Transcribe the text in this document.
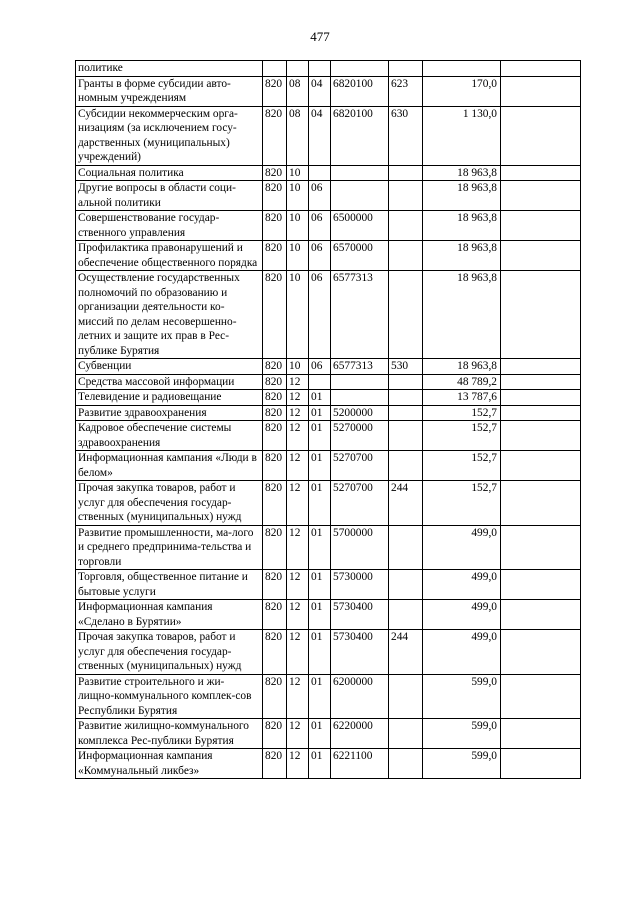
477
политике							
Гранты в форме субсидии авто-номным учреждениям	820	08	04	6820100	623	170,0	
Субсидии некоммерческим орга-низациям (за исключением госу-дарственных (муниципальных) учреждений)	820	08	04	6820100	630	1 130,0	
Социальная политика	820	10				18 963,8	
Другие вопросы в области соци-альной политики	820	10	06			18 963,8	
Совершенствование государ-ственного управления	820	10	06	6500000		18 963,8	
Профилактика правонарушений и обеспечение общественного порядка	820	10	06	6570000		18 963,8	
Осуществление государственных полномочий по образованию и организации деятельности ко-миссий по делам несовершенно-летних и защите их прав в Рес-публике Бурятия	820	10	06	6577313		18 963,8	
Субвенции	820	10	06	6577313	530	18 963,8	
Средства массовой информации	820	12				48 789,2	
Телевидение и радиовещание	820	12	01			13 787,6	
Развитие здравоохранения	820	12	01	5200000		152,7	
Кадровое обеспечение системы здравоохранения	820	12	01	5270000		152,7	
Информационная кампания «Люди в белом»	820	12	01	5270700		152,7	
Прочая закупка товаров, работ и услуг для обеспечения государ-ственных (муниципальных) нужд	820	12	01	5270700	244	152,7	
Развитие промышленности, ма-лого и среднего предпринима-тельства и торговли	820	12	01	5700000		499,0	
Торговля, общественное питание и бытовые услуги	820	12	01	5730000		499,0	
Информационная кампания «Сделано в Бурятии»	820	12	01	5730400		499,0	
Прочая закупка товаров, работ и услуг для обеспечения государ-ственных (муниципальных) нужд	820	12	01	5730400	244	499,0	
Развитие строительного и жи-лищно-коммунального комплек-сов Республики Бурятия	820	12	01	6200000		599,0	
Развитие жилищно-коммунального комплекса Рес-публики Бурятия	820	12	01	6220000		599,0	
Информационная кампания «Коммунальный ликбез»	820	12	01	6221100		599,0	
